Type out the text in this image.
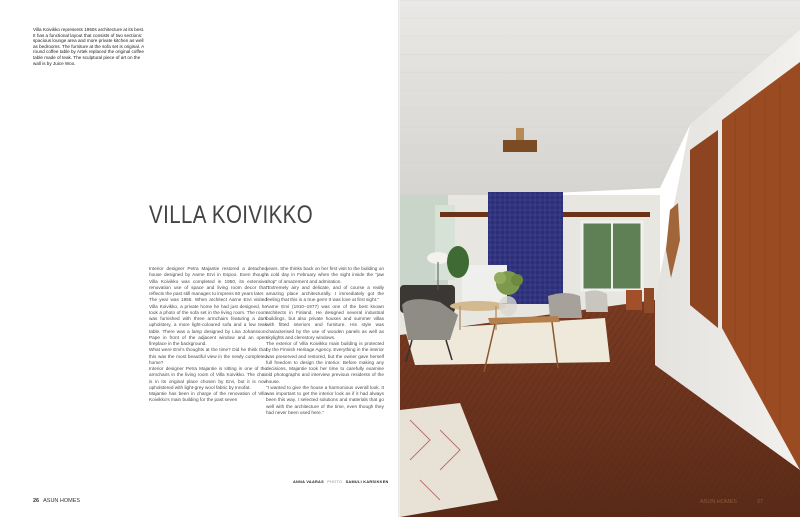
Villa Koivikko represents 1950s architecture at its best. It has a functional layout that consists of two sections: spacious lounge area and more private kitchen as well as bedrooms. The furniture at the sofa set is original. A round coffee table by Artek replaced the original coffee table made of teak. The sculptural piece of art on the wall is by Juice Woo.
VILLA KOIVIKKO

Interior designer Petra Majantie restored a detached house designed by Aarne Ervi in Espoo. Even though Villa Koivikko was completed in 1950, its extensive renovation use of space and living room decor that reflects the past still manages to impress 60 years later.

The year was 1955. When architect Aarne Ervi visited Villa Koivikko, a private home he had just designed, he took a photo of the sofa set in the living room. The room was furnished with three armchairs featuring a dark upholstery, a more light-coloured sofa and a low teak table. There was a lamp designed by Lisa Johansson-Pape in front of the adjacent window and an open fireplace in the background.

What were Ervi's thoughts at the time? Did he think that this was the most beautiful view in the newly completed home?

Interior designer Petra Majantie is sitting in one of the armchairs in the living room of Villa Koivikko. The chair is in its original place chosen by Ervi, but it is now upholstered with light-grey wool fabric by Innofat.

Majantie has been in charge of the renovation of Villa Koivikko's main building for the past seven

years. She thinks back on her first visit to the building on a cold day in February when the sight inside the "jaw drop" of amazement and admiration.

"Extremely airy and delicate, and of course a really amazing place architecturally. I immediately got the feeling that this is a true gem! It was love at first sight."

Aarne Ervi (1910–1977) was one of the best known architects in Finland. He designed several industrial buildings, but also private houses and summer villas with fitted interiors and furniture. His style was characterised by the use of wooden panels as well as skylights and clerestory windows.

The exterior of Villa Koivikko main building is protected by the Finnish Heritage Agency. Everything in the interior was preserved and restored, but the owner gave herself full freedom to design the interior. Before making any decisions, Majantie took her time to carefully examine old photographs and interview previous residents of the house.

"I wanted to give the house a harmonious overall look. It was important to get the interior look as if it had always been this way. I selected solutions and materials that go well with the architecture of the time, even though they had never been used here."

ANNA VAARAS PHOTO SAMULI KARSIKKEN
26 ASUN HOMES	ASUN HOMES	27
